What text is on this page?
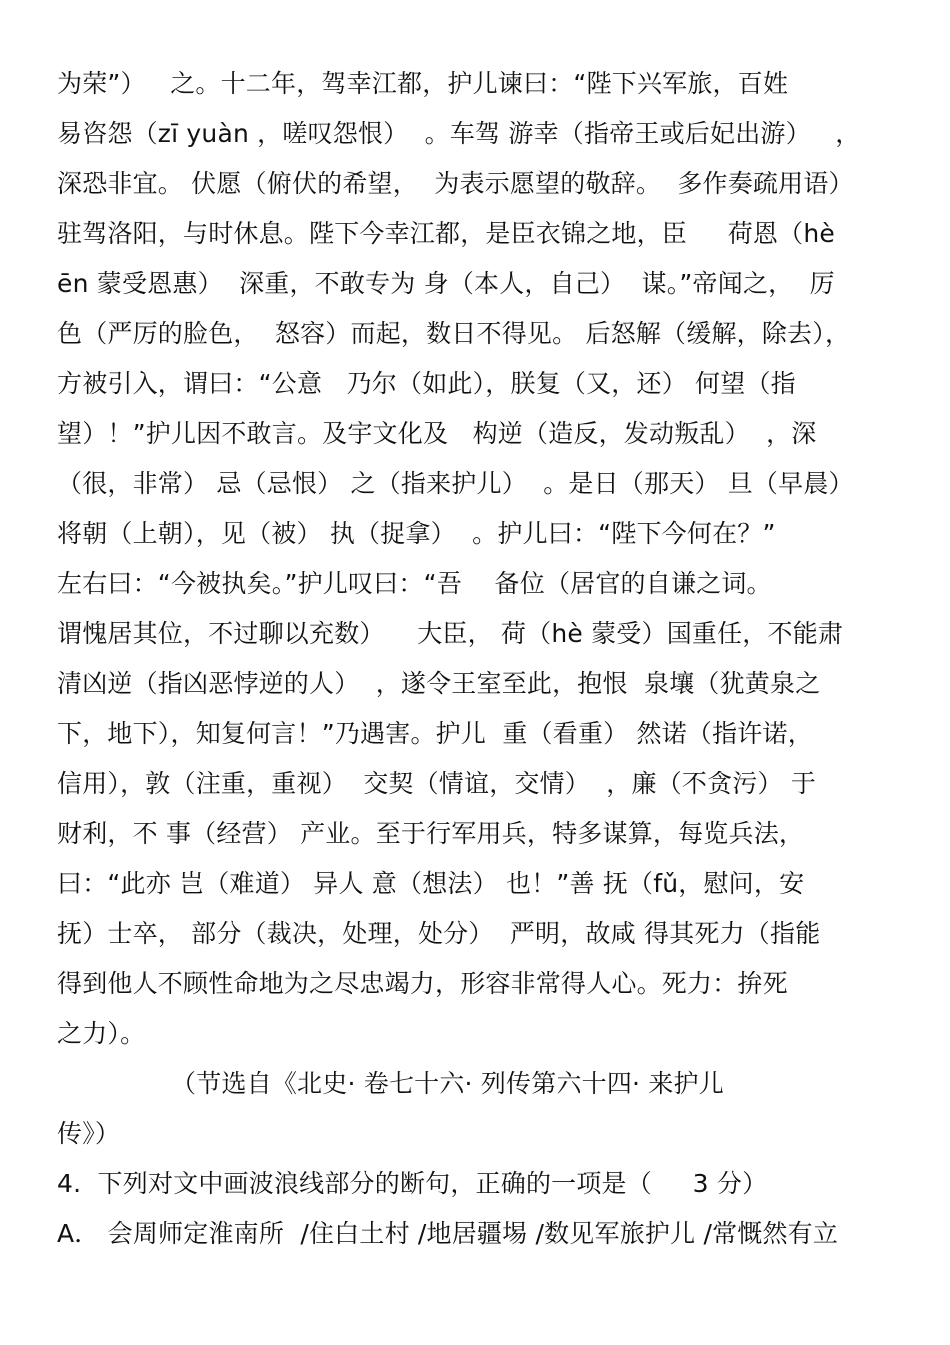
为荣”）   之。十二年，驾幸江都，护儿谏曰：“陛下兴军旅，百姓
易咨怨（zī yuàn ，嗟叹怨恨）  。车驾 游幸（指帝王或后妃出游）   ，
深恐非宜。 伏愿（俯伏的希望，  为表示愿望的敬辞。  多作奏疏用语）
驻驾洛阳，与时休息。陛下今幸江都，是臣衣锦之地，臣     荷恩（hè
ēn 蒙受恩惠）  深重，不敢专为 身（本人，自己）  谋。”帝闻之，  厉
色（严厉的脸色，  怒容）而起，数日不得见。 后怒解（缓解，除去），
方被引入，谓曰：“公意   乃尔（如此），朕复（又，还） 何望（指
望）！”护儿因不敢言。及宇文化及   构逆（造反，发动叛乱）  ，深
（很，非常） 忌（忌恨） 之（指来护儿）  。是日（那天） 旦（早晨）
将朝（上朝），见（被） 执（捉拿）  。护儿曰：“陛下今何在？”
左右曰：“今被执矣。”护儿叹曰：“吾    备位（居官的自谦之词。
谓愧居其位，不过聊以充数）    大臣， 荷（hè 蒙受）国重任，不能肃
清凶逆（指凶恶悖逆的人）  ，遂令王室至此，抱恨  泉壤（犹黄泉之
下，地下），知复何言！”乃遇害。护儿  重（看重） 然诺（指许诺，
信用），敦（注重，重视）  交契（情谊，交情）  ，廉（不贪污） 于
财利，不 事（经营） 产业。至于行军用兵，特多谋算，每览兵法，
曰：“此亦 岂（难道） 异人 意（想法） 也！”善 抚（fǔ，慰问，安
抚）士卒， 部分（裁决，处理，处分）  严明，故咸 得其死力（指能
得到他人不顾性命地为之尽忠竭力，形容非常得人心。死力：拚死
之力）。
（节选自《北史· 卷七十六· 列传第六十四· 来护儿
传》）
4.  下列对文中画波浪线部分的断句，正确的一项是（     3 分）
A． 会周师定淮南所  /住白土村 /地居疆埸 /数见军旅护儿 /常慨然有立
